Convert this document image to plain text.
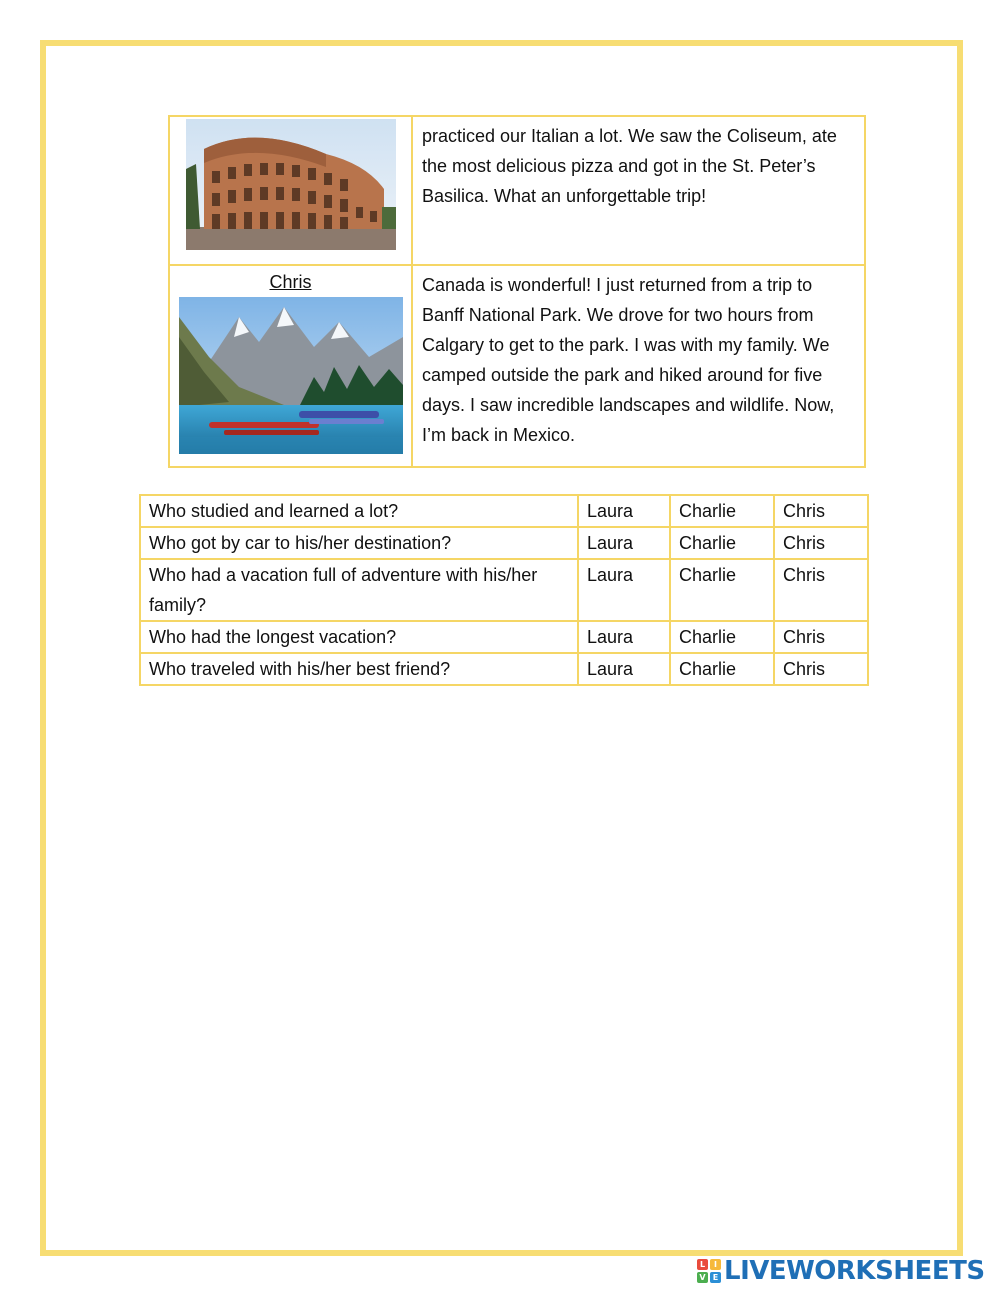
	practiced our Italian a lot. We saw the Coliseum, ate the most delicious pizza and got in the St. Peter’s Basilica. What an unforgettable trip!

Chris	Canada is wonderful! I just returned from a trip to Banff National Park. We drove for two hours from Calgary to get to the park. I was with my family. We camped outside the park and hiked around for five days. I saw incredible landscapes and wildlife. Now, I’m back in Mexico.
Who studied and learned a lot?	Laura	Charlie	Chris
Who got by car to his/her destination?	Laura	Charlie	Chris
Who had a vacation full of adventure with his/her family?	Laura	Charlie	Chris
Who had the longest vacation?	Laura	Charlie	Chris
Who traveled with his/her best friend?	Laura	Charlie	Chris
L	I
V E LIVEWORKSHEETS
